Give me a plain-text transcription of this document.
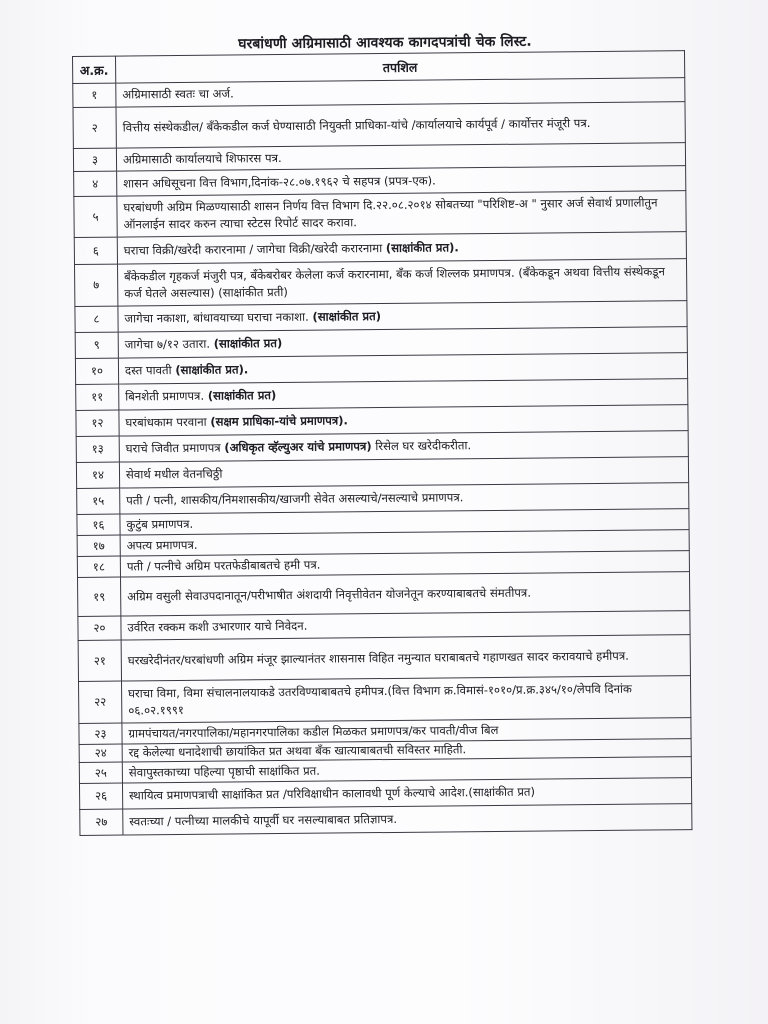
घरबांधणी अग्रिमासाठी आवश्यक कागदपत्रांची चेक लिस्ट.
अ.क्र.	तपशिल
१	अग्रिमासाठी स्वतः चा अर्ज.
२	वित्तीय संस्थेकडील/ बँकेकडील कर्ज घेण्यासाठी नियुक्ती प्राधिका-यांचे /कार्यालयाचे कार्यपूर्व / कार्योत्तर मंजूरी पत्र.
३	अग्रिमासाठी कार्यालयाचे शिफारस पत्र.
४	शासन अधिसूचना वित्त विभाग,दिनांक-२८.०७.१९६२ चे सहपत्र (प्रपत्र-एक).
५	घरबांधणी अग्रिम मिळण्यासाठी शासन निर्णय वित्त विभाग दि.२२.०८.२०१४ सोबतच्या "परिशिष्ट-अ " नुसार अर्ज सेवार्थ प्रणालीतुन ऑनलाईन सादर करुन त्याचा स्टेटस रिपोर्ट सादर करावा.
६	घराचा विक्री/खरेदी करारनामा / जागेचा विक्री/खरेदी करारनामा (साक्षांकीत प्रत).
७	बँकेकडील गृहकर्ज मंजुरी पत्र, बँकेबरोबर केलेला कर्ज करारनामा, बँक कर्ज शिल्लक प्रमाणपत्र. (बँकेकडून अथवा वित्तीय संस्थेकडून कर्ज घेतले असल्यास) (साक्षांकीत प्रती)
८	जागेचा नकाशा, बांधावयाच्या घराचा नकाशा. (साक्षांकीत प्रत)
९	जागेचा ७/१२ उतारा. (साक्षांकीत प्रत)
१०	दस्त पावती (साक्षांकीत प्रत).
११	बिनशेती प्रमाणपत्र. (साक्षांकीत प्रत)
१२	घरबांधकाम परवाना (सक्षम प्राधिका-यांचे प्रमाणपत्र).
१३	घराचे जिवीत प्रमाणपत्र (अधिकृत व्हॅल्युअर यांचे प्रमाणपत्र) रिसेल घर खरेदीकरीता.
१४	सेवार्थ मधील वेतनचिठ्ठी
१५	पती / पत्नी, शासकीय/निमशासकीय/खाजगी सेवेत असल्याचे/नसल्याचे प्रमाणपत्र.
१६	कुटुंब प्रमाणपत्र.
१७	अपत्य प्रमाणपत्र.
१८	पती / पत्नीचे अग्रिम परतफेडीबाबतचे हमी पत्र.
१९	अग्रिम वसुली सेवाउपदानातून/परीभाषीत अंशदायी निवृत्तीवेतन योजनेतून करण्याबाबतचे संमतीपत्र.
२०	उर्वरित रक्कम कशी उभारणार याचे निवेदन.
२१	घरखरेदीनंतर/घरबांधणी अग्रिम मंजूर झाल्यानंतर शासनास विहित नमुन्यात घराबाबतचे गहाणखत सादर करावयाचे हमीपत्र.
२२	घराचा विमा, विमा संचालनालयाकडे उतरविण्याबाबतचे हमीपत्र.(वित्त विभाग क्र.विमासं-१०१०/प्र.क्र.३४५/१०/लेपवि दिनांक ०६.०२.१९९१
२३	ग्रामपंचायत/नगरपालिका/महानगरपालिका कडील मिळकत प्रमाणपत्र/कर पावती/वीज बिल
२४	रद्द केलेल्या धनादेशाची छायांकित प्रत अथवा बँक खात्याबाबतची सविस्तर माहिती.
२५	सेवापुस्तकाच्या पहिल्या पृष्ठाची साक्षांकित प्रत.
२६	स्थायित्व प्रमाणपत्राची साक्षांकित प्रत /परिविक्षाधीन कालावधी पूर्ण केल्याचे आदेश.(साक्षांकीत प्रत)
२७	स्वतःच्या / पत्नीच्या मालकीचे यापूर्वी घर नसल्याबाबत प्रतिज्ञापत्र.
